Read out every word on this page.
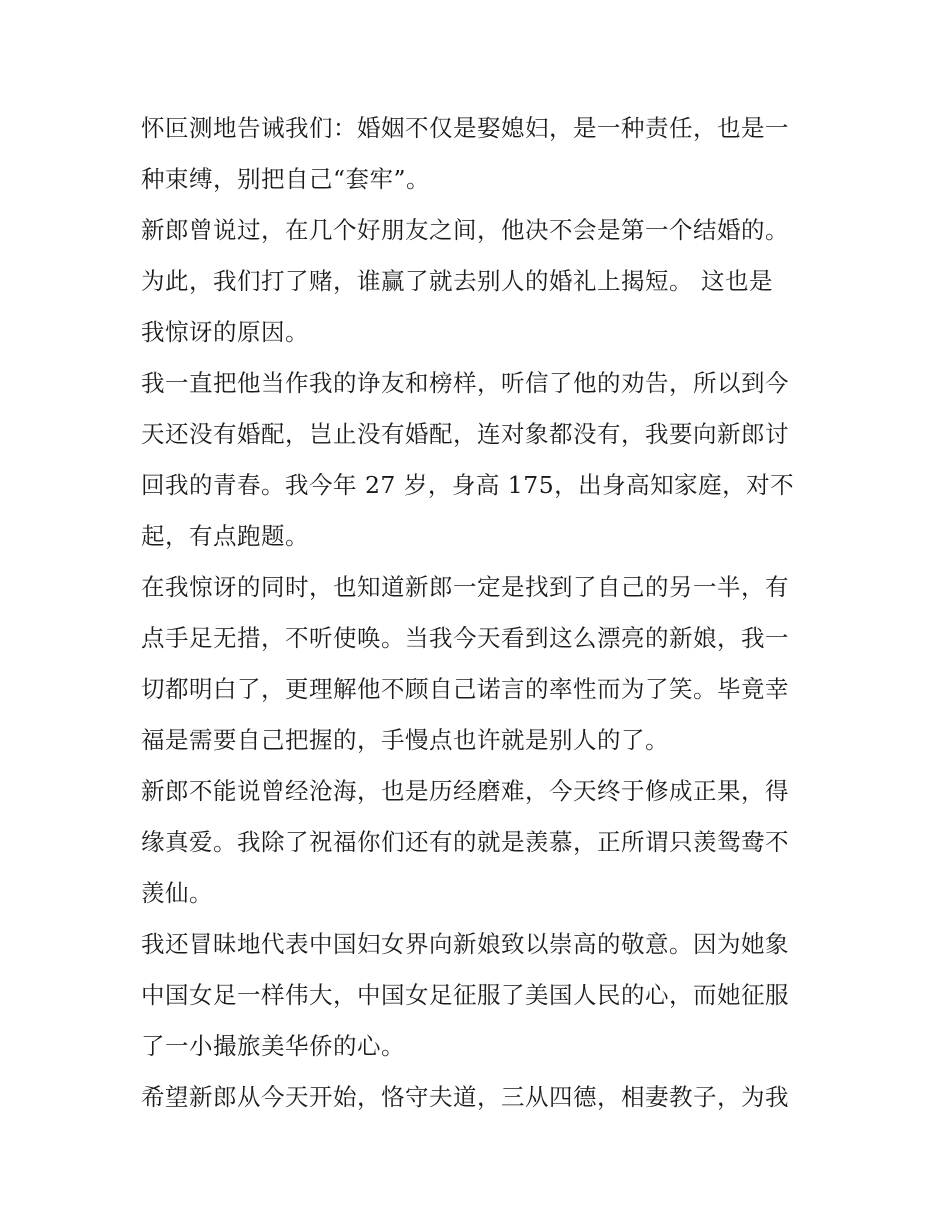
怀叵测地告诫我们：婚姻不仅是娶媳妇，是一种责任，也是一
种束缚，别把自己“套牢”。
新郎曾说过，在几个好朋友之间，他决不会是第一个结婚的。
为此，我们打了赌，谁赢了就去别人的婚礼上揭短。 这也是
我惊讶的原因。
我一直把他当作我的诤友和榜样，听信了他的劝告，所以到今
天还没有婚配，岂止没有婚配，连对象都没有，我要向新郎讨
回我的青春。我今年 27 岁，身高 175，出身高知家庭，对不
起，有点跑题。
在我惊讶的同时，也知道新郎一定是找到了自己的另一半，有
点手足无措，不听使唤。当我今天看到这么漂亮的新娘，我一
切都明白了，更理解他不顾自己诺言的率性而为了笑。毕竟幸
福是需要自己把握的，手慢点也许就是别人的了。
新郎不能说曾经沧海，也是历经磨难，今天终于修成正果，得
缘真爱。我除了祝福你们还有的就是羡慕，正所谓只羡鸳鸯不
羡仙。
我还冒昧地代表中国妇女界向新娘致以崇高的敬意。因为她象
中国女足一样伟大，中国女足征服了美国人民的心，而她征服
了一小撮旅美华侨的心。
希望新郎从今天开始，恪守夫道，三从四德，相妻教子，为我
